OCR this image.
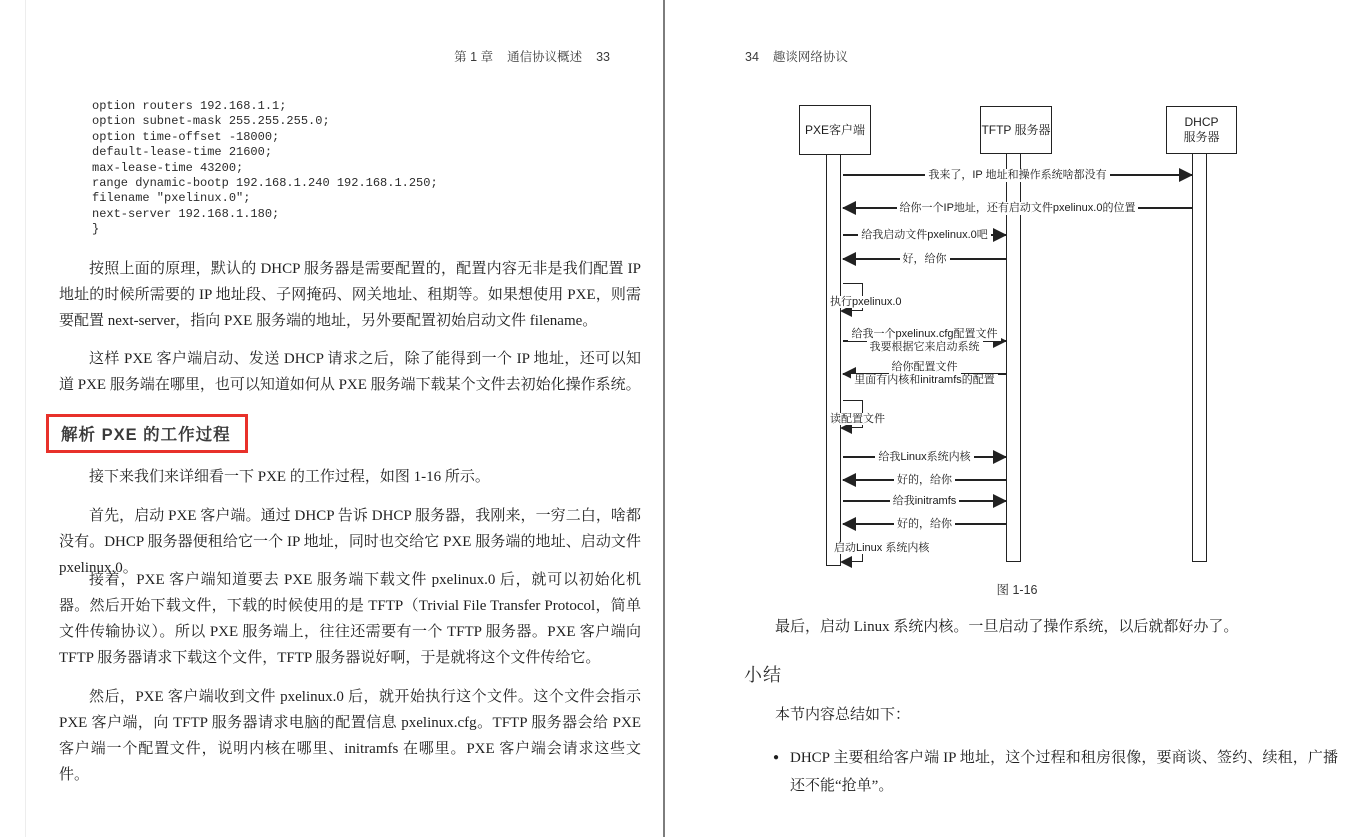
第 1 章 通信协议概述 33
option routers 192.168.1.1;
option subnet-mask 255.255.255.0;
option time-offset -18000;
default-lease-time 21600;
max-lease-time 43200;
range dynamic-bootp 192.168.1.240 192.168.1.250;
filename "pxelinux.0";
next-server 192.168.1.180;
}
按照上面的原理，默认的 DHCP 服务器是需要配置的，配置内容无非是我们配置 IP 地址的时候所需要的 IP 地址段、子网掩码、网关地址、租期等。如果想使用 PXE，则需要配置 next-server，指向 PXE 服务端的地址，另外要配置初始启动文件 filename。
这样 PXE 客户端启动、发送 DHCP 请求之后，除了能得到一个 IP 地址，还可以知道 PXE 服务端在哪里，也可以知道如何从 PXE 服务端下载某个文件去初始化操作系统。
解析 PXE 的工作过程
接下来我们来详细看一下 PXE 的工作过程，如图 1-16 所示。
首先，启动 PXE 客户端。通过 DHCP 告诉 DHCP 服务器，我刚来，一穷二白，啥都没有。DHCP 服务器便租给它一个 IP 地址，同时也交给它 PXE 服务端的地址、启动文件 pxelinux.0。
接着，PXE 客户端知道要去 PXE 服务端下载文件 pxelinux.0 后，就可以初始化机器。然后开始下载文件，下载的时候使用的是 TFTP（Trivial File Transfer Protocol，简单文件传输协议）。所以 PXE 服务端上，往往还需要有一个 TFTP 服务器。PXE 客户端向 TFTP 服务器请求下载这个文件，TFTP 服务器说好啊，于是就将这个文件传给它。
然后，PXE 客户端收到文件 pxelinux.0 后，就开始执行这个文件。这个文件会指示 PXE 客户端，向 TFTP 服务器请求电脑的配置信息 pxelinux.cfg。TFTP 服务器会给 PXE 客户端一个配置文件，说明内核在哪里、initramfs 在哪里。PXE 客户端会请求这些文件。
34 趣谈网络协议
PXE客户端	TFTP 服务器
DHCP
服务器
我来了，IP 地址和操作系统啥都没有
给你一个IP地址，还有启动文件pxelinux.0的位置
给我启动文件pxelinux.0吧
好，给你
执行pxelinux.0
给我一个pxelinux.cfg配置文件
我要根据它来启动系统
给你配置文件
里面有内核和initramfs的配置
读配置文件
给我Linux系统内核
好的，给你
给我initramfs
好的，给你
启动Linux 系统内核
图 1-16
最后，启动 Linux 系统内核。一旦启动了操作系统，以后就都好办了。
小结
本节内容总结如下：
● DHCP 主要租给客户端 IP 地址，这个过程和租房很像，要商谈、签约、续租，广播还不能“抢单”。
